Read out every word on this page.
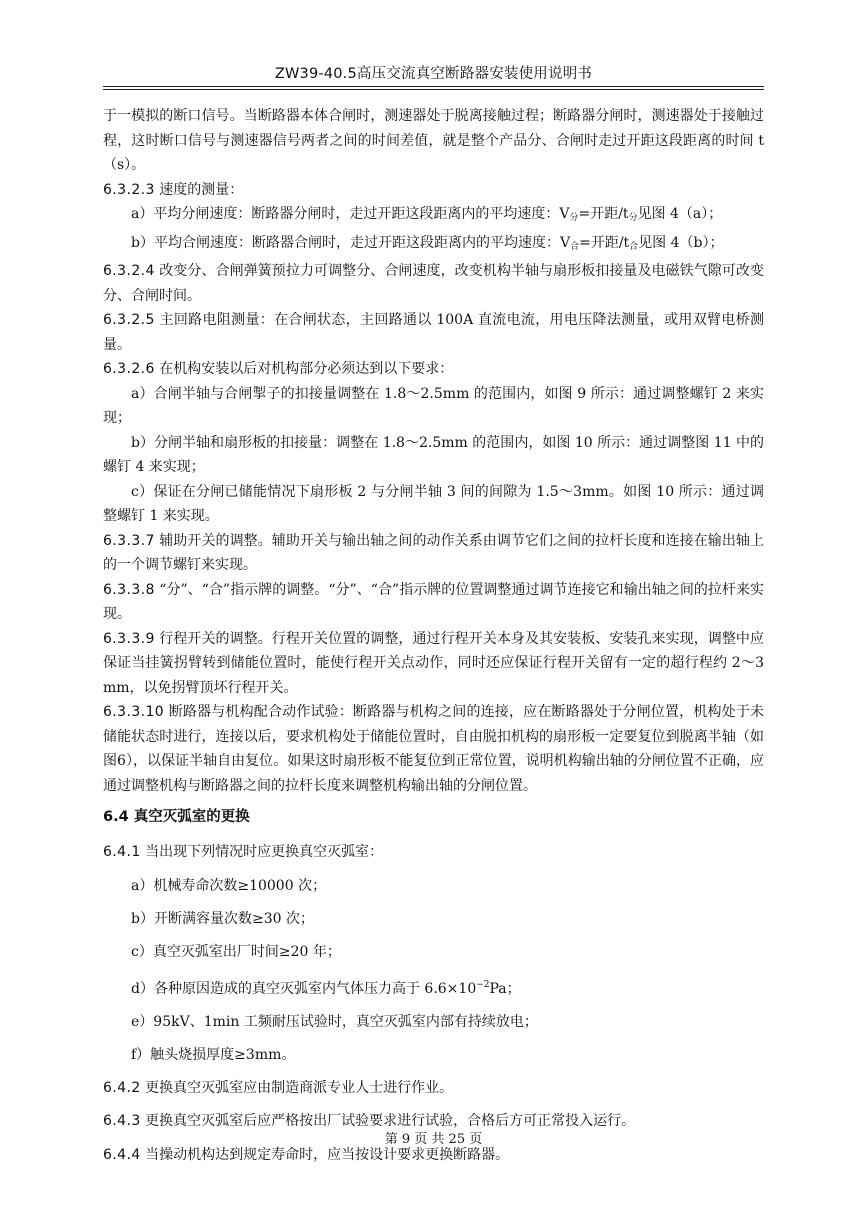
ZW39-40.5高压交流真空断路器安装使用说明书

于一模拟的断口信号。当断路器本体合闸时，测速器处于脱离接触过程；断路器分闸时，测速器处于接触过程，这时断口信号与测速器信号两者之间的时间差值，就是整个产品分、合闸时走过开距这段距离的时间 t（s）。

6.3.2.3 速度的测量：

a）平均分闸速度：断路器分闸时，走过开距这段距离内的平均速度：$V_分=$开距$/t_分$见图 4（a）；

b）平均合闸速度：断路器合闸时，走过开距这段距离内的平均速度：$V_合=$开距$/t_合$见图 4（b）；

6.3.2.4 改变分、合闸弹簧预拉力可调整分、合闸速度，改变机构半轴与扇形板扣接量及电磁铁气隙可改变分、合闸时间。

6.3.2.5 主回路电阻测量：在合闸状态，主回路通以 100A 直流电流，用电压降法测量，或用双臂电桥测量。

6.3.2.6 在机构安装以后对机构部分必须达到以下要求：

a）合闸半轴与合闸掣子的扣接量调整在 1.8～2.5mm 的范围内，如图 9 所示：通过调整螺钉 2 来实现；

b）分闸半轴和扇形板的扣接量：调整在 1.8～2.5mm 的范围内，如图 10 所示：通过调整图 11 中的螺钉 4 来实现；

c）保证在分闸已储能情况下扇形板 2 与分闸半轴 3 间的间隙为 1.5～3mm。如图 10 所示：通过调整螺钉 1 来实现。

6.3.3.7 辅助开关的调整。辅助开关与输出轴之间的动作关系由调节它们之间的拉杆长度和连接在输出轴上的一个调节螺钉来实现。

6.3.3.8 “分”、“合”指示牌的调整。“分”、“合”指示牌的位置调整通过调节连接它和输出轴之间的拉杆来实现。

6.3.3.9 行程开关的调整。行程开关位置的调整，通过行程开关本身及其安装板、安装孔来实现，调整中应保证当挂簧拐臂转到储能位置时，能使行程开关点动作，同时还应保证行程开关留有一定的超行程约 2～3 mm，以免拐臂顶坏行程开关。

6.3.3.10 断路器与机构配合动作试验：断路器与机构之间的连接，应在断路器处于分闸位置，机构处于未储能状态时进行，连接以后，要求机构处于储能位置时，自由脱扣机构的扇形板一定要复位到脱离半轴（如图6），以保证半轴自由复位。如果这时扇形板不能复位到正常位置，说明机构输出轴的分闸位置不正确，应通过调整机构与断路器之间的拉杆长度来调整机构输出轴的分闸位置。

6.4 真空灭弧室的更换

6.4.1 当出现下列情况时应更换真空灭弧室：

a）机械寿命次数≥10000 次；

b）开断满容量次数≥30 次；

c）真空灭弧室出厂时间≥20 年；

d）各种原因造成的真空灭弧室内气体压力高于 $6.6\times 10^{-2}Pa$；

e）95kV、1min 工频耐压试验时，真空灭弧室内部有持续放电；

f）触头烧损厚度≥3mm。

6.4.2 更换真空灭弧室应由制造商派专业人士进行作业。

6.4.3 更换真空灭弧室后应严格按出厂试验要求进行试验，合格后方可正常投入运行。

6.4.4 当操动机构达到规定寿命时，应当按设计要求更换断路器。

第 9 页 共 25 页
